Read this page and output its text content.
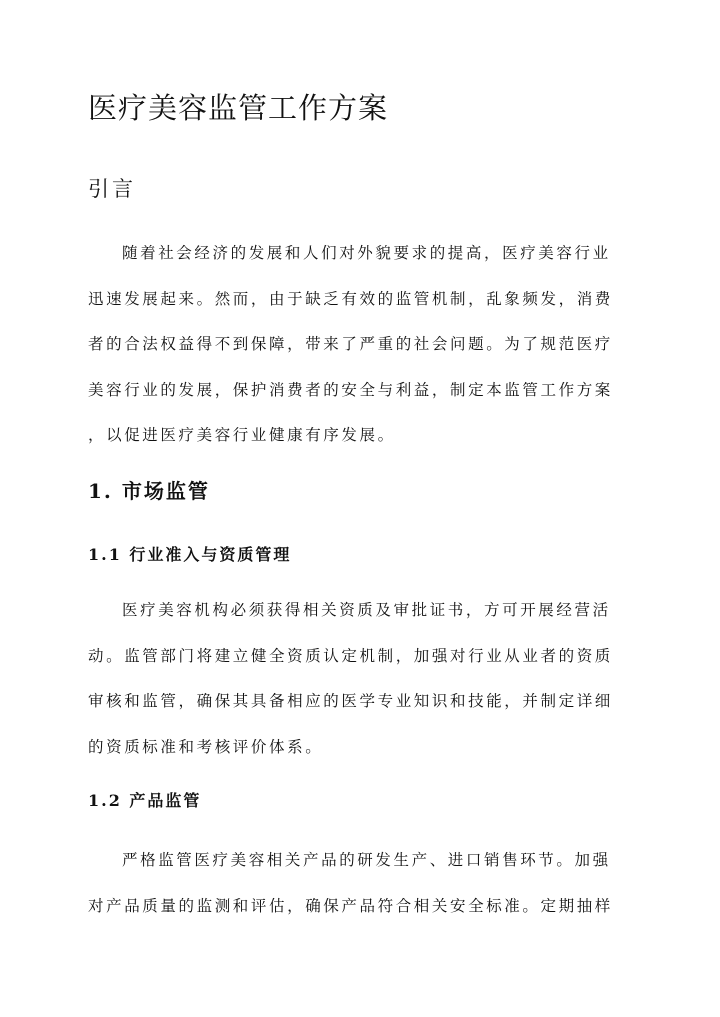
医疗美容监管工作方案
引言
随着社会经济的发展和人们对外貌要求的提高，医疗美容行业
迅速发展起来。然而，由于缺乏有效的监管机制，乱象频发，消费
者的合法权益得不到保障，带来了严重的社会问题。为了规范医疗
美容行业的发展，保护消费者的安全与利益，制定本监管工作方案
，以促进医疗美容行业健康有序发展。
1. 市场监管
1.1 行业准入与资质管理
医疗美容机构必须获得相关资质及审批证书，方可开展经营活
动。监管部门将建立健全资质认定机制，加强对行业从业者的资质
审核和监管，确保其具备相应的医学专业知识和技能，并制定详细
的资质标准和考核评价体系。
1.2 产品监管
严格监管医疗美容相关产品的研发生产、进口销售环节。加强
对产品质量的监测和评估，确保产品符合相关安全标准。定期抽样
